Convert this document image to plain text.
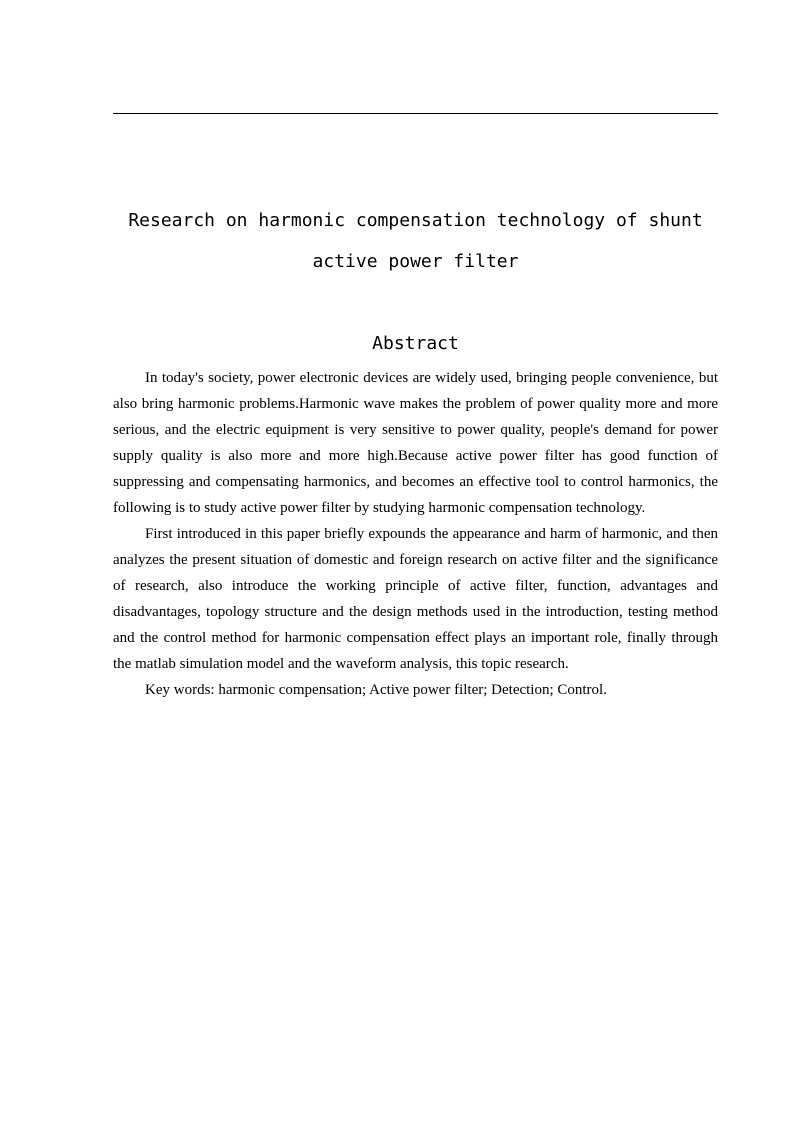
Research on harmonic compensation technology of shunt active power filter
Abstract

In today's society, power electronic devices are widely used, bringing people convenience, but also bring harmonic problems.Harmonic wave makes the problem of power quality more and more serious, and the electric equipment is very sensitive to power quality, people's demand for power supply quality is also more and more high.Because active power filter has good function of suppressing and compensating harmonics, and becomes an effective tool to control harmonics, the following is to study active power filter by studying harmonic compensation technology.

First introduced in this paper briefly expounds the appearance and harm of harmonic, and then analyzes the present situation of domestic and foreign research on active filter and the significance of research, also introduce the working principle of active filter, function, advantages and disadvantages, topology structure and the design methods used in the introduction, testing method and the control method for harmonic compensation effect plays an important role, finally through the matlab simulation model and the waveform analysis, this topic research.

Key words: harmonic compensation; Active power filter; Detection; Control.
